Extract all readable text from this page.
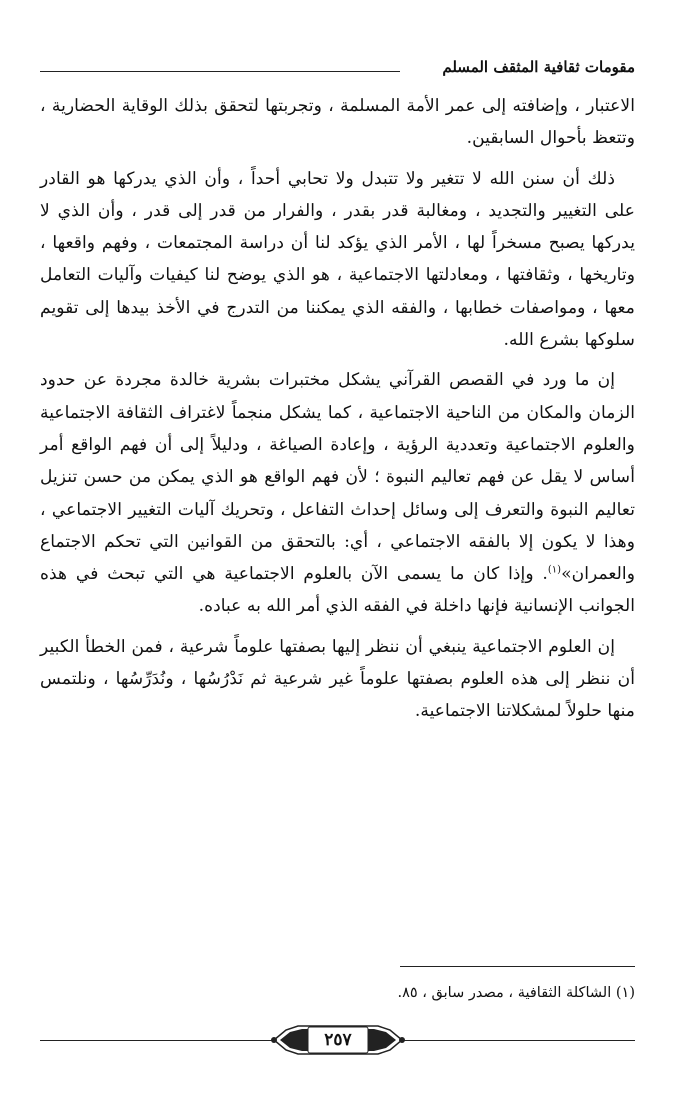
مقومات ثقافية المثقف المسلم

الاعتبار ، وإضافته إلى عمر الأمة المسلمة ، وتجربتها لتحقق بذلك الوقاية الحضارية ، وتتعظ بأحوال السابقين.

ذلك أن سنن الله لا تتغير ولا تتبدل ولا تحابي أحداً ، وأن الذي يدركها هو القادر على التغيير والتجديد ، ومغالبة قدر بقدر ، والفرار من قدر إلى قدر ، وأن الذي لا يدركها يصبح مسخراً لها ، الأمر الذي يؤكد لنا أن دراسة المجتمعات ، وفهم واقعها ، وتاريخها ، وثقافتها ، ومعادلتها الاجتماعية ، هو الذي يوضح لنا كيفيات وآليات التعامل معها ، ومواصفات خطابها ، والفقه الذي يمكننا من التدرج في الأخذ بيدها إلى تقويم سلوكها بشرع الله.

إن ما ورد في القصص القرآني يشكل مختبرات بشرية خالدة مجردة عن حدود الزمان والمكان من الناحية الاجتماعية ، كما يشكل منجماً لاغتراف الثقافة الاجتماعية والعلوم الاجتماعية وتعددية الرؤية ، وإعادة الصياغة ، ودليلاً إلى أن فهم الواقع أمر أساس لا يقل عن فهم تعاليم النبوة ؛ لأن فهم الواقع هو الذي يمكن من حسن تنزيل تعاليم النبوة والتعرف إلى وسائل إحداث التفاعل ، وتحريك آليات التغيير الاجتماعي ، وهذا لا يكون إلا بالفقه الاجتماعي ، أي: بالتحقق من القوانين التي تحكم الاجتماع والعمران»$^{(١)}$. وإذا كان ما يسمى الآن بالعلوم الاجتماعية هي التي تبحث في هذه الجوانب الإنسانية فإنها داخلة في الفقه الذي أمر الله به عباده.

إن العلوم الاجتماعية ينبغي أن ننظر إليها بصفتها علوماً شرعية ، فمن الخطأ الكبير أن ننظر إلى هذه العلوم بصفتها علوماً غير شرعية ثم نَدْرُسُها ، ونُدَرِّسُها ، ونلتمس منها حلولاً لمشكلاتنا الاجتماعية.

(١) الشاكلة الثقافية ، مصدر سابق ، ٨٥.
٢٥٧
